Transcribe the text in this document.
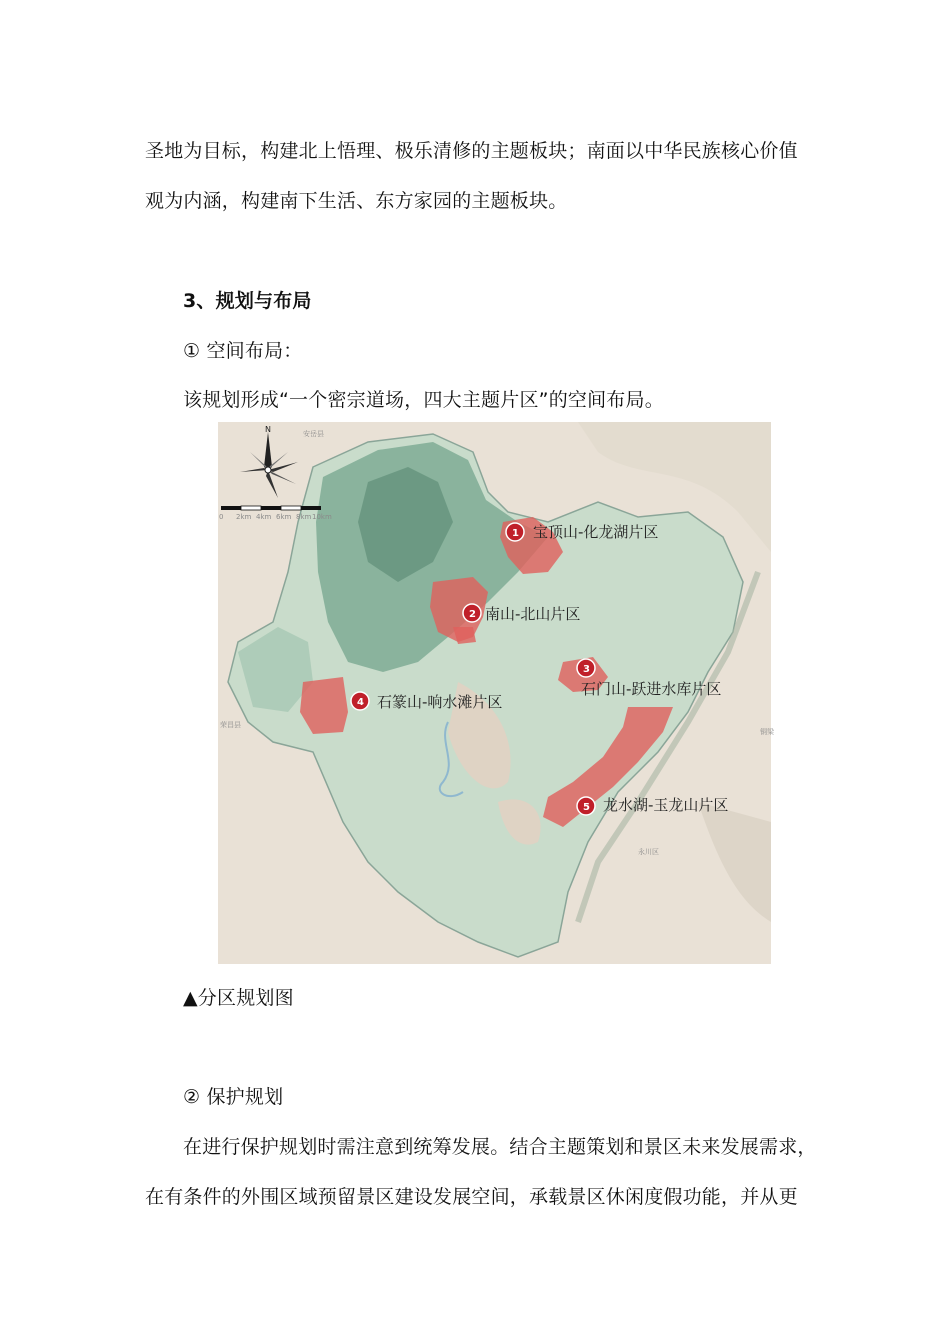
圣地为目标，构建北上悟理、极乐清修的主题板块；南面以中华民族核心价值
观为内涵，构建南下生活、东方家园的主题板块。
3、规划与布局
① 空间布局：
该规划形成“一个密宗道场，四大主题片区”的空间布局。
N
0 2km 4km 6km 8km 10km
安岳县
荣昌县
铜梁
永川区
1 宝顶山-化龙湖片区
2 南山-北山片区
3
石门山-跃进水库片区
4 石篆山-响水滩片区
5 龙水湖-玉龙山片区
▲分区规划图
② 保护规划
在进行保护规划时需注意到统筹发展。结合主题策划和景区未来发展需求，
在有条件的外围区域预留景区建设发展空间，承载景区休闲度假功能，并从更
